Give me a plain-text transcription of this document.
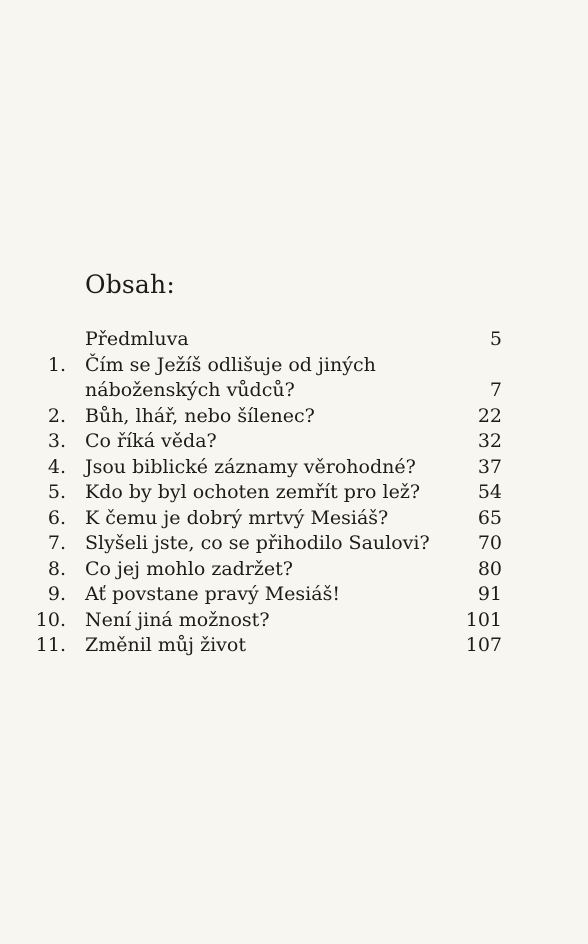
Obsah:
Předmluva	5
1. Čím se Ježíš odlišuje od jiných
náboženských vůdců?	7
2. Bůh, lhář, nebo šílenec?	22
3. Co říká věda?	32
4. Jsou biblické záznamy věrohodné?	37
5. Kdo by byl ochoten zemřít pro lež?	54
6. K čemu je dobrý mrtvý Mesiáš?	65
7. Slyšeli jste, co se přihodilo Saulovi?	70
8. Co jej mohlo zadržet?	80
9. Ať povstane pravý Mesiáš!	91
10. Není jiná možnost?	101
11. Změnil můj život	107
